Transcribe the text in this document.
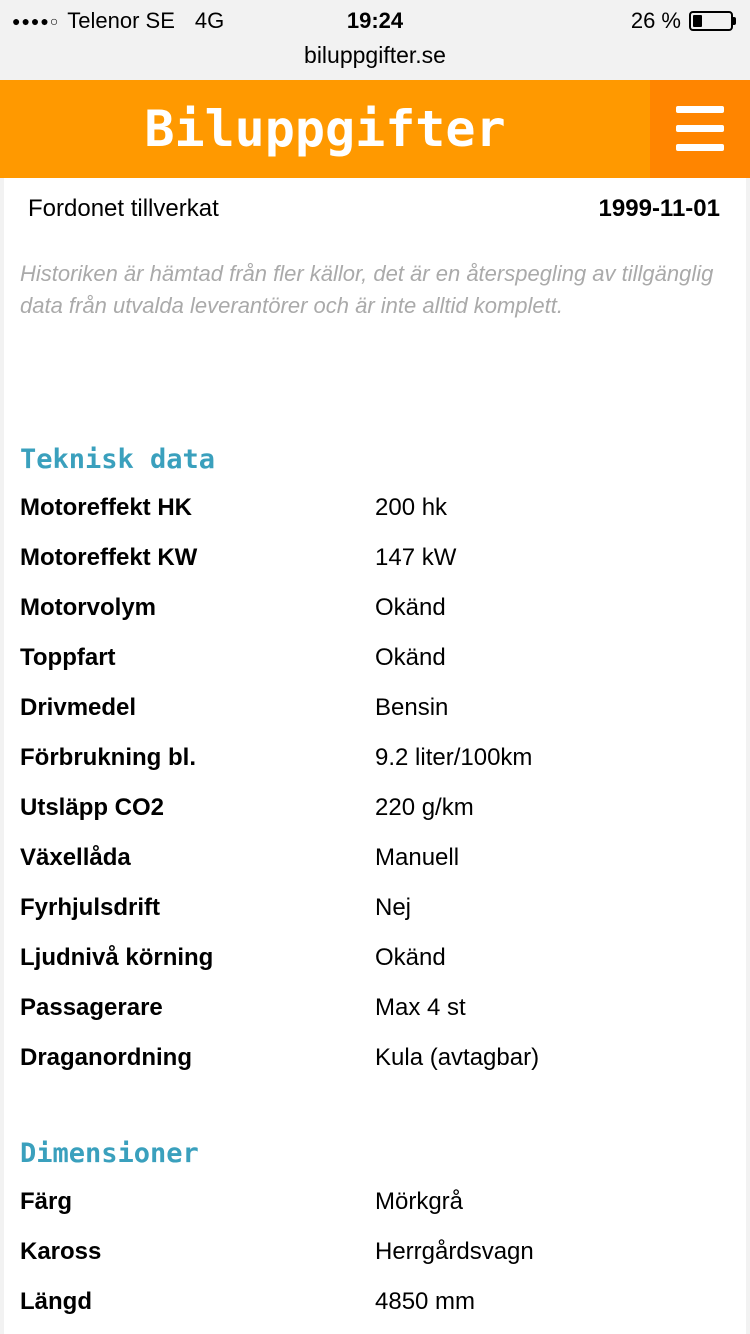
●●●●○ Telenor SE 4G	19:24	26 %
biluppgifter.se
Biluppgifter
Fordonet tillverkat	1999-11-01
Historiken är hämtad från fler källor, det är en återspegling av tillgänglig data från utvalda leverantörer och är inte alltid komplett.
Teknisk data
Motoreffekt HK	200 hk
Motoreffekt KW	147 kW
Motorvolym	Okänd
Toppfart	Okänd
Drivmedel	Bensin
Förbrukning bl.	9.2 liter/100km
Utsläpp CO2	220 g/km
Växellåda	Manuell
Fyrhjulsdrift	Nej
Ljudnivå körning	Okänd
Passagerare	Max 4 st
Draganordning	Kula (avtagbar)
Dimensioner
Färg	Mörkgrå
Kaross	Herrgårdsvagn
Längd	4850 mm
